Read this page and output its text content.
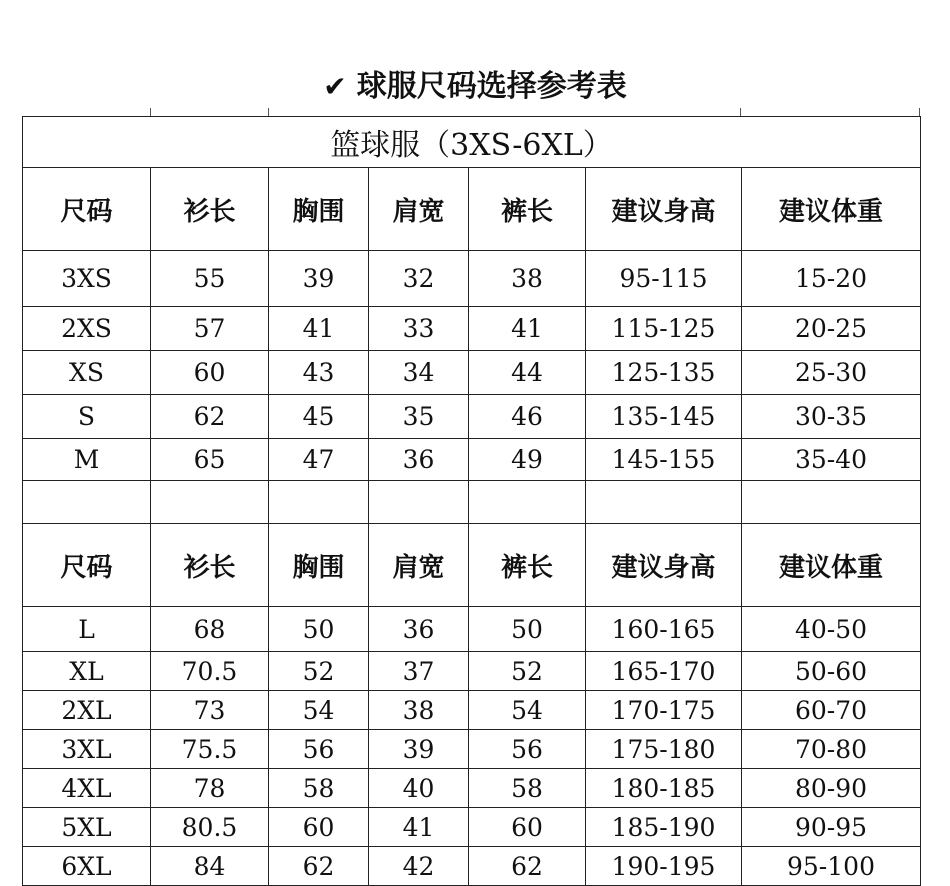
✔ 球服尺码选择参考表
篮球服（3XS-6XL）						
尺码	衫长	胸围	肩宽	裤长	建议身高	建议体重
3XS	55	39	32	38	95-115	15-20
2XS	57	41	33	41	115-125	20-25
XS	60	43	34	44	125-135	25-30
S	62	45	35	46	135-145	30-35
M	65	47	36	49	145-155	35-40

尺码	衫长	胸围	肩宽	裤长	建议身高	建议体重
L	68	50	36	50	160-165	40-50
XL	70.5	52	37	52	165-170	50-60
2XL	73	54	38	54	170-175	60-70
3XL	75.5	56	39	56	175-180	70-80
4XL	78	58	40	58	180-185	80-90
5XL	80.5	60	41	60	185-190	90-95
6XL	84	62	42	62	190-195	95-100
